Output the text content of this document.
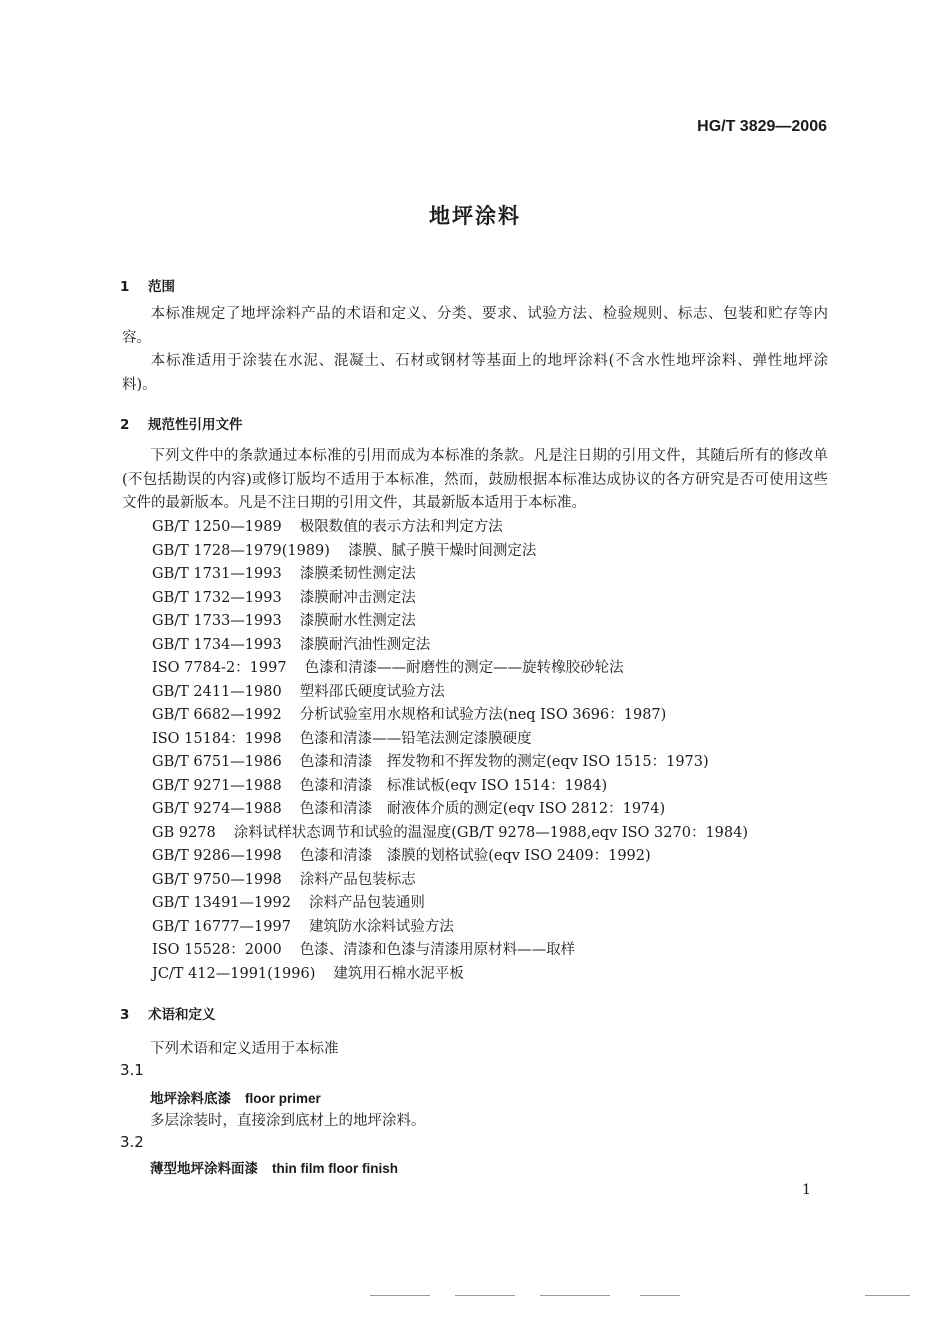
HG/T 3829—2006
地坪涂料
1 范围
本标准规定了地坪涂料产品的术语和定义、分类、要求、试验方法、检验规则、标志、包装和贮存等内容。
本标准适用于涂装在水泥、混凝土、石材或钢材等基面上的地坪涂料(不含水性地坪涂料、弹性地坪涂料)。
2 规范性引用文件
下列文件中的条款通过本标准的引用而成为本标准的条款。凡是注日期的引用文件，其随后所有的修改单(不包括勘误的内容)或修订版均不适用于本标准，然而，鼓励根据本标准达成协议的各方研究是否可使用这些文件的最新版本。凡是不注日期的引用文件，其最新版本适用于本标准。
GB/T 1250—1989 极限数值的表示方法和判定方法
GB/T 1728—1979(1989) 漆膜、腻子膜干燥时间测定法
GB/T 1731—1993 漆膜柔韧性测定法
GB/T 1732—1993 漆膜耐冲击测定法
GB/T 1733—1993 漆膜耐水性测定法
GB/T 1734—1993 漆膜耐汽油性测定法
ISO 7784-2：1997 色漆和清漆——耐磨性的测定——旋转橡胶砂轮法
GB/T 2411—1980 塑料邵氏硬度试验方法
GB/T 6682—1992 分析试验室用水规格和试验方法(neq ISO 3696：1987)
ISO 15184：1998 色漆和清漆——铅笔法测定漆膜硬度
GB/T 6751—1986 色漆和清漆　挥发物和不挥发物的测定(eqv ISO 1515：1973)
GB/T 9271—1988 色漆和清漆　标准试板(eqv ISO 1514：1984)
GB/T 9274—1988 色漆和清漆　耐液体介质的测定(eqv ISO 2812：1974)
GB 9278 涂料试样状态调节和试验的温湿度(GB/T 9278—1988,eqv ISO 3270：1984)
GB/T 9286—1998 色漆和清漆　漆膜的划格试验(eqv ISO 2409：1992)
GB/T 9750—1998 涂料产品包装标志
GB/T 13491—1992 涂料产品包装通则
GB/T 16777—1997 建筑防水涂料试验方法
ISO 15528：2000 色漆、清漆和色漆与清漆用原材料——取样
JC/T 412—1991(1996) 建筑用石棉水泥平板
3 术语和定义
下列术语和定义适用于本标准
3.1
地坪涂料底漆 floor primer
多层涂装时，直接涂到底材上的地坪涂料。
3.2
薄型地坪涂料面漆 thin film floor finish
1
